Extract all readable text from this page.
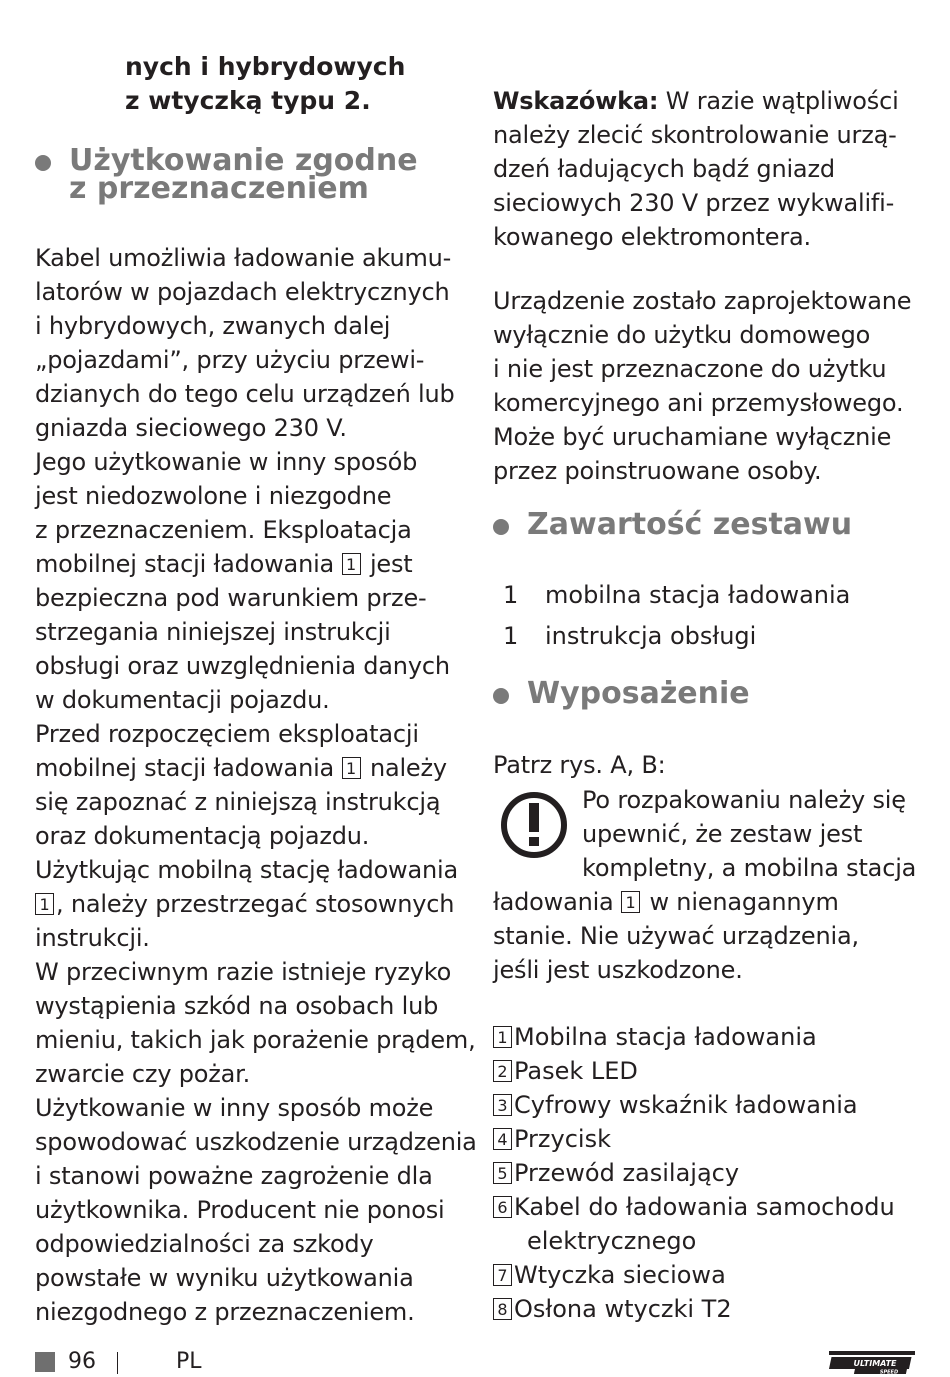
nych i hybrydowych
z wtyczką typu 2.
Użytkowanie zgodne
z przeznaczeniem
Kabel umożliwia ładowanie akumu-
latorów w pojazdach elektrycznych
i hybrydowych, zwanych dalej
„pojazdami”, przy użyciu przewi-
dzianych do tego celu urządzeń lub
gniazda sieciowego 230 V.
Jego użytkowanie w inny sposób
jest niedozwolone i niezgodne
z przeznaczeniem. Eksploatacja
mobilnej stacji ładowania 1 jest
bezpieczna pod warunkiem prze-
strzegania niniejszej instrukcji
obsługi oraz uwzględnienia danych
w dokumentacji pojazdu.
Przed rozpoczęciem eksploatacji
mobilnej stacji ładowania 1 należy
się zapoznać z niniejszą instrukcją
oraz dokumentacją pojazdu.
Użytkując mobilną stację ładowania
1 , należy przestrzegać stosownych
instrukcji.
W przeciwnym razie istnieje ryzyko
wystąpienia szkód na osobach lub
mieniu, takich jak porażenie prądem,
zwarcie czy pożar.
Użytkowanie w inny sposób może
spowodować uszkodzenie urządzenia
i stanowi poważne zagrożenie dla
użytkownika. Producent nie ponosi
odpowiedzialności za szkody
powstałe w wyniku użytkowania
niezgodnego z przeznaczeniem.
Wskazówka: W razie wątpliwości
należy zlecić skontrolowanie urzą-
dzeń ładujących bądź gniazd
sieciowych 230 V przez wykwalifi-
kowanego elektromontera.
Urządzenie zostało zaprojektowane
wyłącznie do użytku domowego
i nie jest przeznaczone do użytku
komercyjnego ani przemysłowego.
Może być uruchamiane wyłącznie
przez poinstruowane osoby.
Zawartość zestawu
1 mobilna stacja ładowania
1 instrukcja obsługi
Wyposażenie
Patrz rys. A, B:
Po rozpakowaniu należy się
upewnić, że zestaw jest
kompletny, a mobilna stacja
ładowania 1 w nienagannym
stanie. Nie używać urządzenia,
jeśli jest uszkodzone.
1 Mobilna stacja ładowania
2 Pasek LED
3 Cyfrowy wskaźnik ładowania
4 Przycisk
5 Przewód zasilający
6 Kabel do ładowania samochodu
elektrycznego
7 Wtyczka sieciowa
8 Osłona wtyczki T2
96	PL	ULTIMATE
SPEED
